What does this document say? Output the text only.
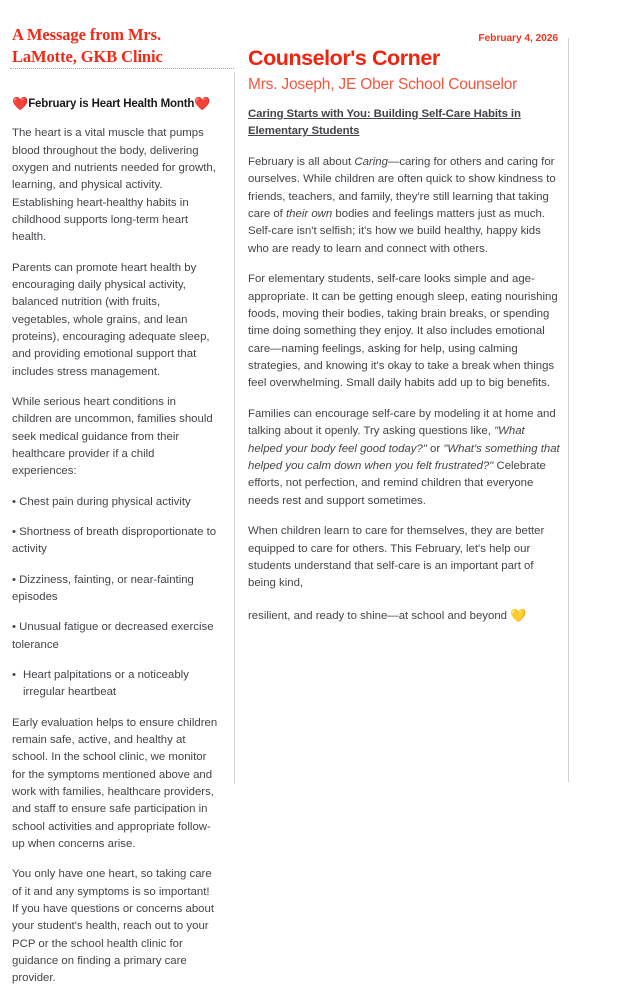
A Message from Mrs. LaMotte, GKB Clinic

❤️February is Heart Health Month❤️

The heart is a vital muscle that pumps blood throughout the body, delivering oxygen and nutrients needed for growth, learning, and physical activity. Establishing heart-healthy habits in childhood supports long-term heart health.

Parents can promote heart health by encouraging daily physical activity, balanced nutrition (with fruits, vegetables, whole grains, and lean proteins), encouraging adequate sleep, and providing emotional support that includes stress management.

While serious heart conditions in children are uncommon, families should seek medical guidance from their healthcare provider if a child experiences:

• Chest pain during physical activity

• Shortness of breath disproportionate to activity

• Dizziness, fainting, or near-fainting episodes

• Unusual fatigue or decreased exercise tolerance

• Heart palpitations or a noticeably irregular heartbeat

Early evaluation helps to ensure children remain safe, active, and healthy at school. In the school clinic, we monitor for the symptoms mentioned above and work with families, healthcare providers, and staff to ensure safe participation in school activities and appropriate follow-up when concerns arise.

You only have one heart, so taking care of it and any symptoms is so important! If you have questions or concerns about your student's health, reach out to your PCP or the school health clinic for guidance on finding a primary care provider.

February 4, 2026
Counselor's Corner
Mrs. Joseph, JE Ober School Counselor

Caring Starts with You: Building Self-Care Habits in Elementary Students

February is all about Caring—caring for others and caring for ourselves. While children are often quick to show kindness to friends, teachers, and family, they're still learning that taking care of their own bodies and feelings matters just as much. Self-care isn't selfish; it's how we build healthy, happy kids who are ready to learn and connect with others.

For elementary students, self-care looks simple and age-appropriate. It can be getting enough sleep, eating nourishing foods, moving their bodies, taking brain breaks, or spending time doing something they enjoy. It also includes emotional care—naming feelings, asking for help, using calming strategies, and knowing it's okay to take a break when things feel overwhelming. Small daily habits add up to big benefits.

Families can encourage self-care by modeling it at home and talking about it openly. Try asking questions like, "What helped your body feel good today?" or "What's something that helped you calm down when you felt frustrated?" Celebrate efforts, not perfection, and remind children that everyone needs rest and support sometimes.

When children learn to care for themselves, they are better equipped to care for others. This February, let's help our students understand that self-care is an important part of being kind,

resilient, and ready to shine—at school and beyond 💛
